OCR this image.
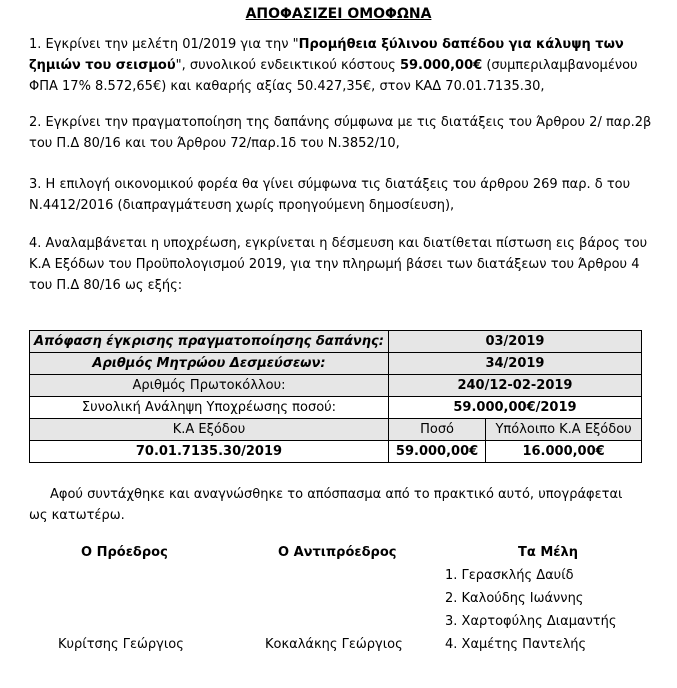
ΑΠΟΦΑΣΙΖΕΙ ΟΜΟΦΩΝΑ
1. Εγκρίνει την μελέτη 01/2019 για την "Προμήθεια ξύλινου δαπέδου για κάλυψη των
ζημιών του σεισμού", συνολικού ενδεικτικού κόστους 59.000,00€ (συμπεριλαμβανομένου
ΦΠΑ 17% 8.572,65€) και καθαρής αξίας 50.427,35€, στον ΚΑΔ 70.01.7135.30,
2. Εγκρίνει την πραγματοποίηση της δαπάνης σύμφωνα με τις διατάξεις του Άρθρου 2/ παρ.2β
του Π.Δ 80/16 και του Άρθρου 72/παρ.1δ του Ν.3852/10,
3. Η επιλογή οικονομικού φορέα θα γίνει σύμφωνα τις διατάξεις του άρθρου 269 παρ. δ του
Ν.4412/2016 (διαπραγμάτευση χωρίς προηγούμενη δημοσίευση),
4. Αναλαμβάνεται η υποχρέωση, εγκρίνεται η δέσμευση και διατίθεται πίστωση εις βάρος του
Κ.Α Εξόδων του Προϋπολογισμού 2019, για την πληρωμή βάσει των διατάξεων του Άρθρου 4
του Π.Δ 80/16 ως εξής:
Απόφαση έγκρισης πραγματοποίησης δαπάνης:	03/2019	
Αριθμός Μητρώου Δεσμεύσεων:	34/2019	
Αριθμός Πρωτοκόλλου:	240/12-02-2019	
Συνολική Ανάληψη Υποχρέωσης ποσού:	59.000,00€/2019	
Κ.Α Εξόδου	Ποσό	Υπόλοιπο Κ.Α Εξόδου
70.01.7135.30/2019	59.000,00€	16.000,00€
Αφού συντάχθηκε και αναγνώσθηκε το απόσπασμα από το πρακτικό αυτό, υπογράφεται
ως κατωτέρω.
Ο Πρόεδρος	Ο Αντιπρόεδρος	Τα Μέλη
1. Γερασκλής Δαυίδ
2. Καλούδης Ιωάννης
3. Χαρτοφύλης Διαμαντής
4. Χαμέτης Παντελής
Κυρίτσης Γεώργιος	Κοκαλάκης Γεώργιος
